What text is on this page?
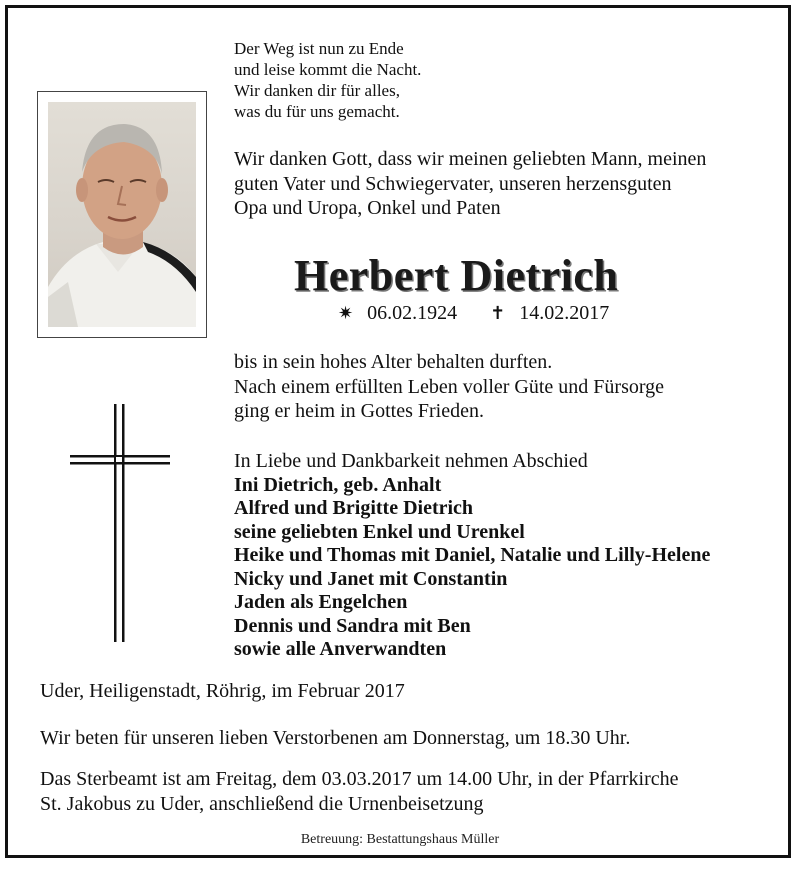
Der Weg ist nun zu Ende
und leise kommt die Nacht.
Wir danken dir für alles,
was du für uns gemacht.
Wir danken Gott, dass wir meinen geliebten Mann, meinen
guten Vater und Schwiegervater, unseren herzensguten
Opa und Uropa, Onkel und Paten
Herbert Dietrich
✷ 06.02.1924 ✝ 14.02.2017
bis in sein hohes Alter behalten durften.
Nach einem erfüllten Leben voller Güte und Fürsorge
ging er heim in Gottes Frieden.
In Liebe und Dankbarkeit nehmen Abschied
Ini Dietrich, geb. Anhalt
Alfred und Brigitte Dietrich
seine geliebten Enkel und Urenkel
Heike und Thomas mit Daniel, Natalie und Lilly-Helene
Nicky und Janet mit Constantin
Jaden als Engelchen
Dennis und Sandra mit Ben
sowie alle Anverwandten
Uder, Heiligenstadt, Röhrig, im Februar 2017
Wir beten für unseren lieben Verstorbenen am Donnerstag, um 18.30 Uhr.
Das Sterbeamt ist am Freitag, dem 03.03.2017 um 14.00 Uhr, in der Pfarrkirche
St. Jakobus zu Uder, anschließend die Urnenbeisetzung
Betreuung: Bestattungshaus Müller
